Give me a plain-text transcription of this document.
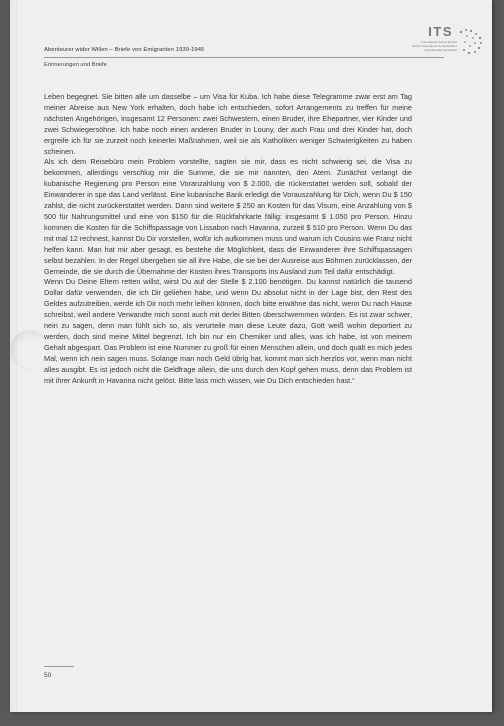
Abenteurer wider Willen – Briefe von Emigranten 1939-1945
Erinnerungen und Briefe
ITS
International Tracing Service
Service International de Recherches
Internationaler Suchdienst

Leben begegnet. Sie bitten alle um dasselbe – um Visa für Kuba. Ich habe diese Telegramme zwar erst am Tag meiner Abreise aus New York erhalten, doch habe ich entschieden, sofort Arrangements zu treffen für meine nächsten Angehörigen, insgesamt 12 Personen: zwei Schwestern, einen Bruder, ihre Ehepartner, vier Kinder und zwei Schwiegersöhne. Ich habe noch einen anderen Bruder in Louny, der auch Frau und drei Kinder hat, doch ergreife ich für sie zurzeit noch keinerlei Maßnahmen, weil sie als Katholiken weniger Schwierigkeiten zu haben scheinen.

Als ich dem Reisebüro mein Problem vorstellte, sagten sie mir, dass es nicht schwierig sei, die Visa zu bekommen, allerdings verschlug mir die Summe, die sie mir nannten, den Atem. Zunächst verlangt die kubanische Regierung pro Person eine Voranzahlung von $ 2.000, die rückerstattet werden soll, sobald der Einwanderer in spe das Land verlässt. Eine kubanische Bank erledigt die Vorauszahlung für Dich, wenn Du $ 150 zahlst, die nicht zurückerstattet werden. Dann sind weitere $ 250 an Kosten für das Visum, eine Anzahlung von $ 500 für Nahrungsmittel und eine von $150 für die Rückfahrkarte fällig: insgesamt $ 1.050 pro Person. Hinzu kommen die Kosten für die Schiffspassage von Lissabon nach Havanna, zurzeit $ 510 pro Person. Wenn Du das mit mal 12 rechnest, kannst Du Dir vorstellen, wofür ich aufkommen muss und warum ich Cousins wie Franz nicht helfen kann. Man hat mir aber gesagt, es bestehe die Möglichkeit, dass die Einwanderer ihre Schiffspassagen selbst bezahlen. In der Regel übergeben sie all ihre Habe, die sie bei der Ausreise aus Böhmen zurücklassen, der Gemeinde, die sie durch die Übernahme der Kosten ihres Transports ins Ausland zum Teil dafür entschädigt.

Wenn Du Deine Eltern retten willst, wirst Du auf der Stelle $ 2.100 benötigen. Du kannst natürlich die tausend Dollar dafür verwenden, die ich Dir geliehen habe, und wenn Du absolut nicht in der Lage bist, den Rest des Geldes aufzutreiben, werde ich Dir noch mehr leihen können, doch bitte erwähne das nicht, wenn Du nach Hause schreibst, weil andere Verwandte mich sonst auch mit derlei Bitten überschwemmen würden. Es ist zwar schwer, nein zu sagen, denn man fühlt sich so, als verurteile man diese Leute dazu, Gott weiß wohin deportiert zu werden, doch sind meine Mittel begrenzt. Ich bin nur ein Chemiker und alles, was ich habe, ist von meinem Gehalt abgespart. Das Problem ist eine Nummer zu groß für einen Menschen allein, und doch quält es mich jedes Mal, wenn ich nein sagen muss. Solange man noch Geld übrig hat, kommt man sich herzlos vor, wenn man nicht alles ausgibt. Es ist jedoch nicht die Geldfrage allein, die uns durch den Kopf gehen muss, denn das Problem ist mit ihrer Ankunft in Havanna nicht gelöst. Bitte lass mich wissen, wie Du Dich entschieden hast.“

50
